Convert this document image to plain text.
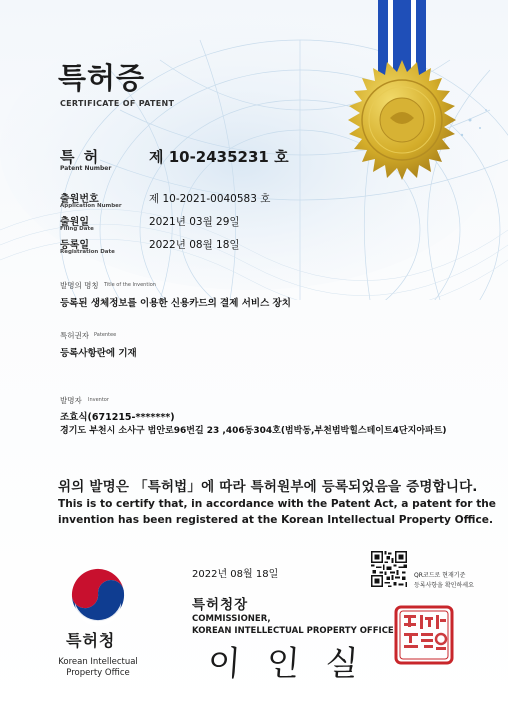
특허증
CERTIFICATE OF PATENT
특 허
Patent Number
제 10-2435231 호
출원번호
Application Number
제 10-2021-0040583 호
출원일
Filing Date
2021년 03월 29일
등록일
Registration Date
2022년 08월 18일
발명의 명칭 Title of the Invention
등록된 생체정보를 이용한 신용카드의 결제 서비스 장치
특허권자 Patentee
등록사항란에 기재
발명자 Inventor
조효식(671215-*******)
경기도 부천시 소사구 범안로96번길 23 ,406동304호(범박동,부천범박힐스테이트4단지아파트)
위의 발명은 「특허법」에 따라 특허원부에 등록되었음을 증명합니다.
This is to certify that, in accordance with the Patent Act, a patent for the
invention has been registered at the Korean Intellectual Property Office.
특허청
Korean Intellectual
Property Office
2022년 08월 18일
특허청장
COMMISSIONER,
KOREAN INTELLECTUAL PROPERTY OFFICE
이인실
QR코드로 현재기준
등록사항을 확인하세요
